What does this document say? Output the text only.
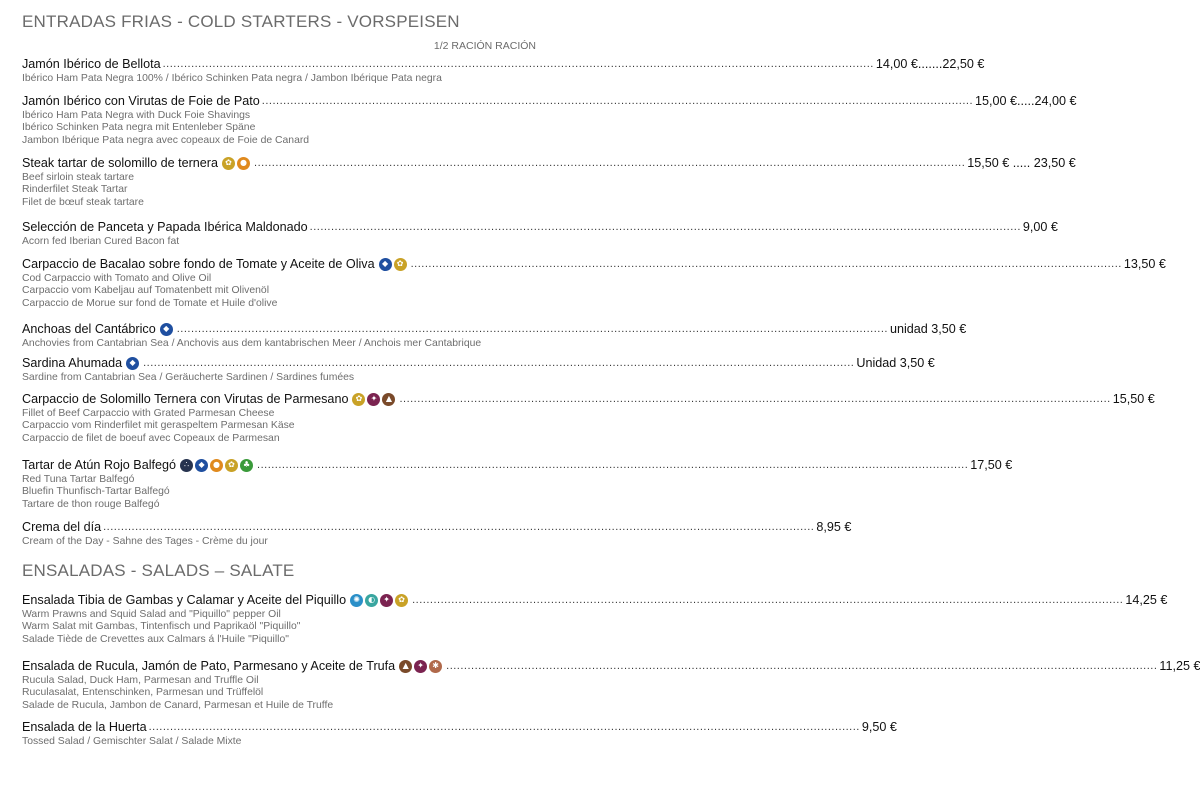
ENTRADAS FRIAS - COLD STARTERS - VORSPEISEN
1/2 RACIÓN RACIÓN
Jamón Ibérico de Bellota ........................................................................................................................................................................................................ 14,00 €.......22,50 €
Ibérico Ham Pata Negra 100% / Ibérico Schinken Pata negra / Jambon Ibérique Pata negra
Jamón Ibérico con Virutas de Foie de Pato ........................................................................................................................................................................................................ 15,00 €.....24,00 €
Ibérico Ham Pata Negra with Duck Foie Shavings
Ibérico Schinken Pata negra mit Entenleber Späne
Jambon Ibérique Pata negra avec copeaux de Foie de Canard
Steak tartar de solomillo de ternera ✿	● ........................................................................................................................................................................................................ 15,50 € ..... 23,50 €
Beef sirloin steak tartare
Rinderfilet Steak Tartar
Filet de bœuf steak tartare
Selección de Panceta y Papada Ibérica Maldonado ........................................................................................................................................................................................................ 9,00 €
Acorn fed Iberian Cured Bacon fat
Carpaccio de Bacalao sobre fondo de Tomate y Aceite de Oliva ◆	✿ ........................................................................................................................................................................................................ 13,50 €
Cod Carpaccio with Tomato and Olive Oil
Carpaccio vom Kabeljau auf Tomatenbett mit Olivenöl
Carpaccio de Morue sur fond de Tomate et Huile d'olive
Anchoas del Cantábrico ◆ ........................................................................................................................................................................................................ unidad 3,50 €
Anchovies from Cantabrian Sea / Anchovis aus dem kantabrischen Meer / Anchois mer Cantabrique
Sardina Ahumada ◆ ........................................................................................................................................................................................................ Unidad 3,50 €
Sardine from Cantabrian Sea / Geräucherte Sardinen / Sardines fumées
Carpaccio de Solomillo Ternera con Virutas de Parmesano ✿	✦	▲ ........................................................................................................................................................................................................ 15,50 €
Fillet of Beef Carpaccio with Grated Parmesan Cheese
Carpaccio vom Rinderfilet mit geraspeltem Parmesan Käse
Carpaccio de filet de boeuf avec Copeaux de Parmesan
Tartar de Atún Rojo Balfegó ∴	◆	●	✿	♣ ........................................................................................................................................................................................................ 17,50 €
Red Tuna Tartar Balfegó
Bluefin Thunfisch-Tartar Balfegó
Tartare de thon rouge Balfegó
Crema del día ........................................................................................................................................................................................................ 8,95 €
Cream of the Day - Sahne des Tages - Crème du jour
ENSALADAS - SALADS – SALATE
Ensalada Tibia de Gambas y Calamar y Aceite del Piquillo ✺	◐	✦	✿ ........................................................................................................................................................................................................ 14,25 €
Warm Prawns and Squid Salad and "Piquillo" pepper Oil
Warm Salat mit Gambas, Tintenfisch und Paprikaöl "Piquillo"
Salade Tiède de Crevettes aux Calmars á l'Huile "Piquillo"
Ensalada de Rucula, Jamón de Pato, Parmesano y Aceite de Trufa ▲	✦	✱ ........................................................................................................................................................................................................ 11,25 €
Rucula Salad, Duck Ham, Parmesan and Truffle Oil
Ruculasalat, Entenschinken, Parmesan und Trüffelöl
Salade de Rucula, Jambon de Canard, Parmesan et Huile de Truffe
Ensalada de la Huerta ........................................................................................................................................................................................................ 9,50 €
Tossed Salad / Gemischter Salat / Salade Mixte
